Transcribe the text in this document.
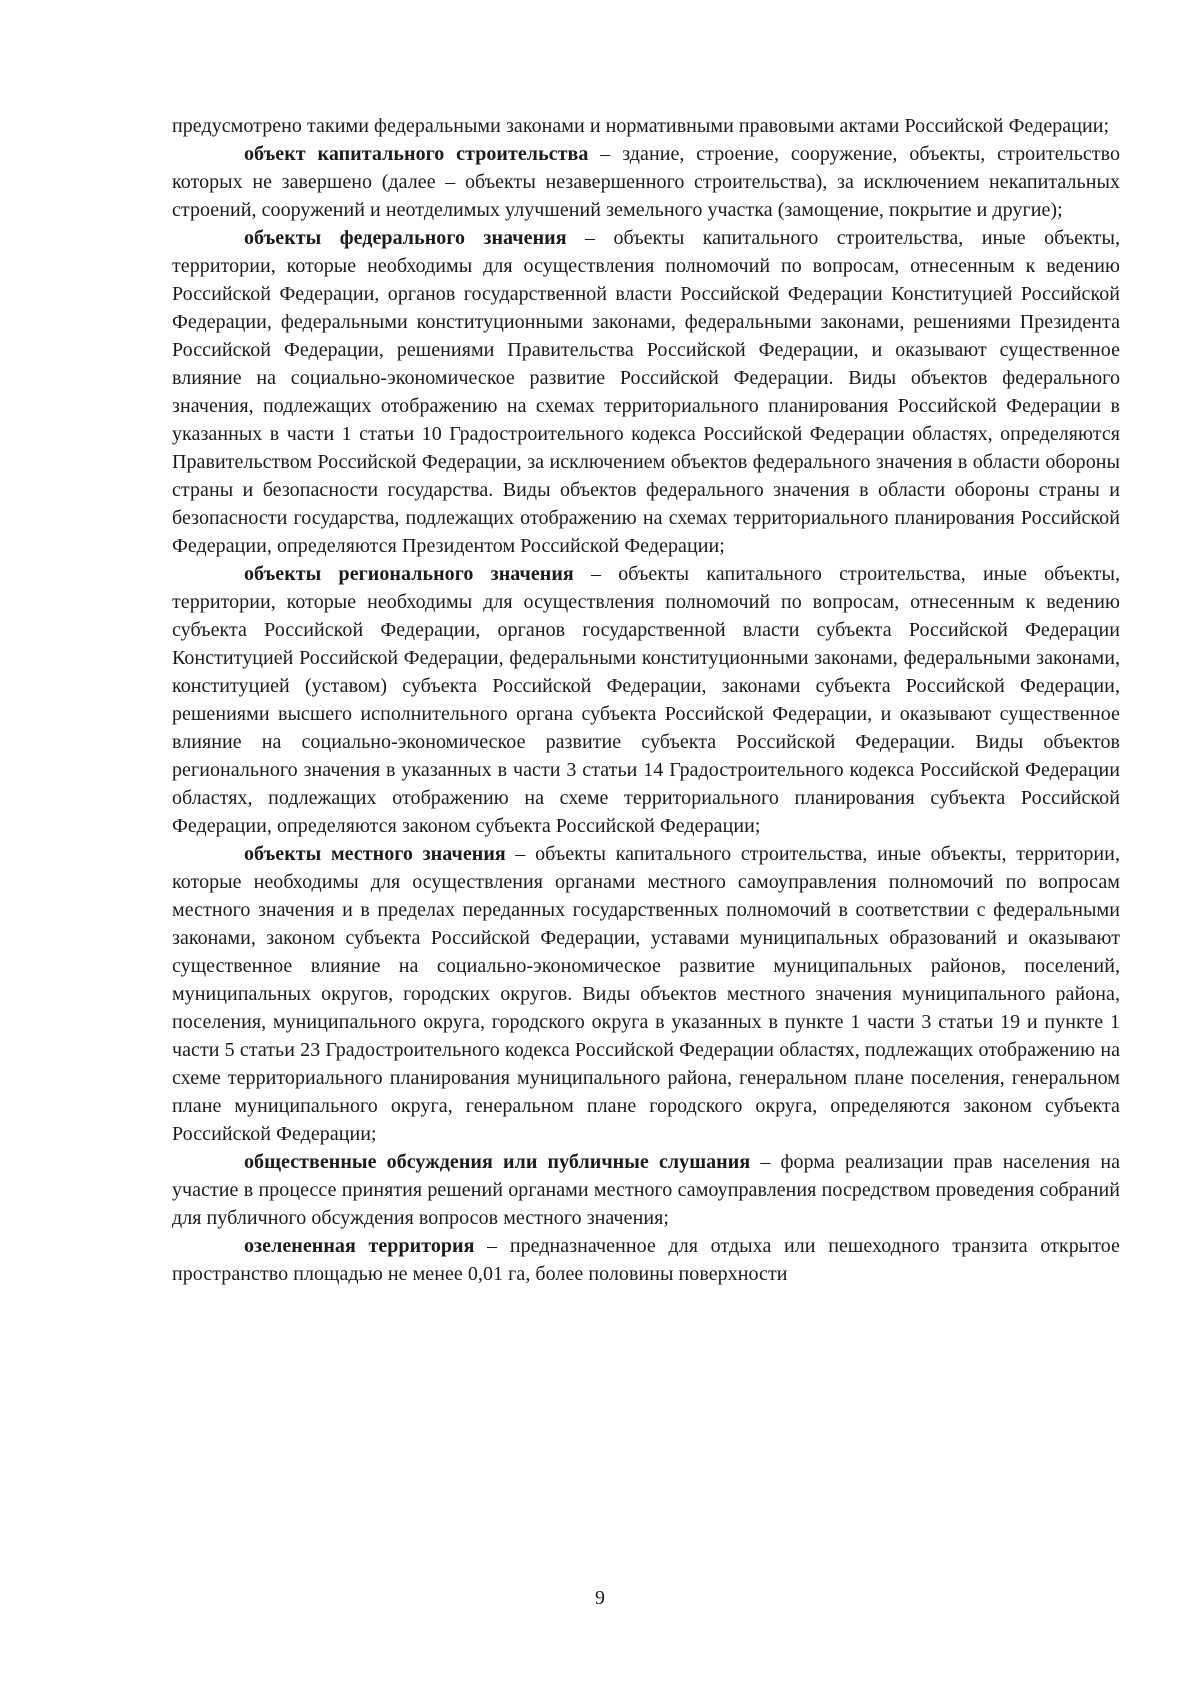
предусмотрено такими федеральными законами и нормативными правовыми актами Российской Федерации;

объект капитального строительства – здание, строение, сооружение, объекты, строительство которых не завершено (далее – объекты незавершенного строительства), за исключением некапитальных строений, сооружений и неотделимых улучшений земельного участка (замощение, покрытие и другие);

объекты федерального значения – объекты капитального строительства, иные объекты, территории, которые необходимы для осуществления полномочий по вопросам, отнесенным к ведению Российской Федерации, органов государственной власти Российской Федерации Конституцией Российской Федерации, федеральными конституционными законами, федеральными законами, решениями Президента Российской Федерации, решениями Правительства Российской Федерации, и оказывают существенное влияние на социально-экономическое развитие Российской Федерации. Виды объектов федерального значения, подлежащих отображению на схемах территориального планирования Российской Федерации в указанных в части 1 статьи 10 Градостроительного кодекса Российской Федерации областях, определяются Правительством Российской Федерации, за исключением объектов федерального значения в области обороны страны и безопасности государства. Виды объектов федерального значения в области обороны страны и безопасности государства, подлежащих отображению на схемах территориального планирования Российской Федерации, определяются Президентом Российской Федерации;

объекты регионального значения – объекты капитального строительства, иные объекты, территории, которые необходимы для осуществления полномочий по вопросам, отнесенным к ведению субъекта Российской Федерации, органов государственной власти субъекта Российской Федерации Конституцией Российской Федерации, федеральными конституционными законами, федеральными законами, конституцией (уставом) субъекта Российской Федерации, законами субъекта Российской Федерации, решениями высшего исполнительного органа субъекта Российской Федерации, и оказывают существенное влияние на социально-экономическое развитие субъекта Российской Федерации. Виды объектов регионального значения в указанных в части 3 статьи 14 Градостроительного кодекса Российской Федерации областях, подлежащих отображению на схеме территориального планирования субъекта Российской Федерации, определяются законом субъекта Российской Федерации;

объекты местного значения – объекты капитального строительства, иные объекты, территории, которые необходимы для осуществления органами местного самоуправления полномочий по вопросам местного значения и в пределах переданных государственных полномочий в соответствии с федеральными законами, законом субъекта Российской Федерации, уставами муниципальных образований и оказывают существенное влияние на социально-экономическое развитие муниципальных районов, поселений, муниципальных округов, городских округов. Виды объектов местного значения муниципального района, поселения, муниципального округа, городского округа в указанных в пункте 1 части 3 статьи 19 и пункте 1 части 5 статьи 23 Градостроительного кодекса Российской Федерации областях, подлежащих отображению на схеме территориального планирования муниципального района, генеральном плане поселения, генеральном плане муниципального округа, генеральном плане городского округа, определяются законом субъекта Российской Федерации;

общественные обсуждения или публичные слушания – форма реализации прав населения на участие в процессе принятия решений органами местного самоуправления посредством проведения собраний для публичного обсуждения вопросов местного значения;

озелененная территория – предназначенное для отдыха или пешеходного транзита открытое пространство площадью не менее 0,01 га, более половины поверхности

9
